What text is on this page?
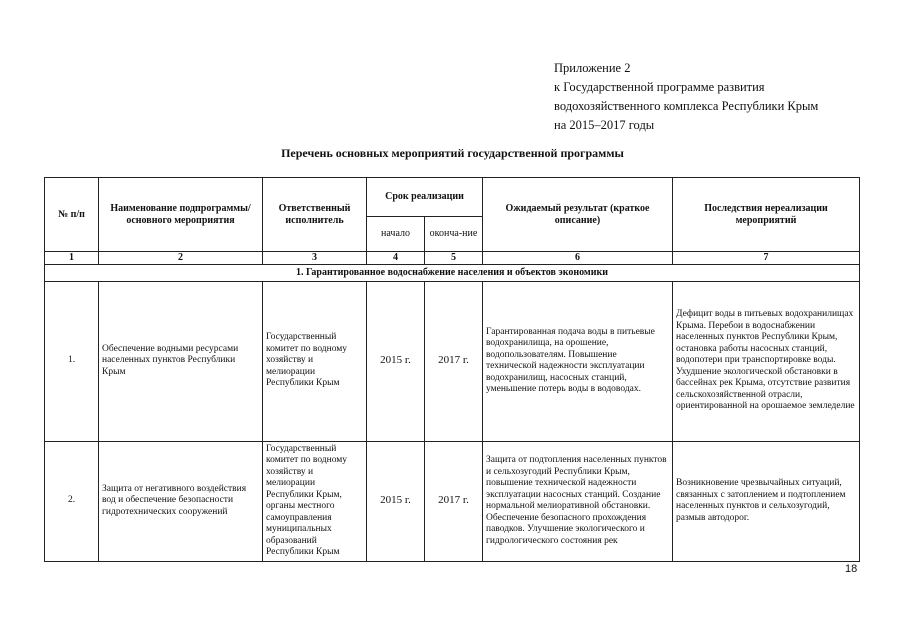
Приложение 2
к Государственной программе развития
водохозяйственного комплекса Республики Крым
на 2015–2017 годы
Перечень основных мероприятий государственной программы
№ п/п	Наименование подпрограммы/ основного мероприятия	Ответственный исполнитель	Срок реализации		Ожидаемый результат (краткое описание)	Последствия нереализации мероприятий
			начало	оконча-ние		
1	2	3	4	5	6	7
1. Гарантированное водоснабжение населения и объектов экономики						
1.	Обеспечение водными ресурсами населенных пунктов Республики Крым	Государственный комитет по водному хозяйству и мелиорации Республики Крым	2015 г.	2017 г.	Гарантированная подача воды в питьевые водохранилища, на орошение, водопользователям. Повышение технической надежности эксплуатации водохранилищ, насосных станций, уменьшение потерь воды в водоводах.	Дефицит воды в питьевых водохранилищах Крыма. Перебои в водоснабжении населенных пунктов Республики Крым, остановка работы насосных станций, водопотери при транспортировке воды. Ухудшение экологической обстановки в бассейнах рек Крыма, отсутствие развития сельскохозяйственной отрасли, ориентированной на орошаемое земледелие
2.	Защита от негативного воздействия вод и обеспечение безопасности гидротехнических сооружений	Государственный комитет по водному хозяйству и мелиорации Республики Крым, органы местного самоуправления муниципальных образований Республики Крым	2015 г.	2017 г.	Защита от подтопления населенных пунктов и сельхозугодий Республики Крым, повышение технической надежности эксплуатации насосных станций. Создание нормальной мелиоративной обстановки. Обеспечение безопасного прохождения паводков. Улучшение экологического и гидрологического состояния рек	Возникновение чрезвычайных ситуаций, связанных с затоплением и подтоплением населенных пунктов и сельхозугодий, размыв автодорог.
18
